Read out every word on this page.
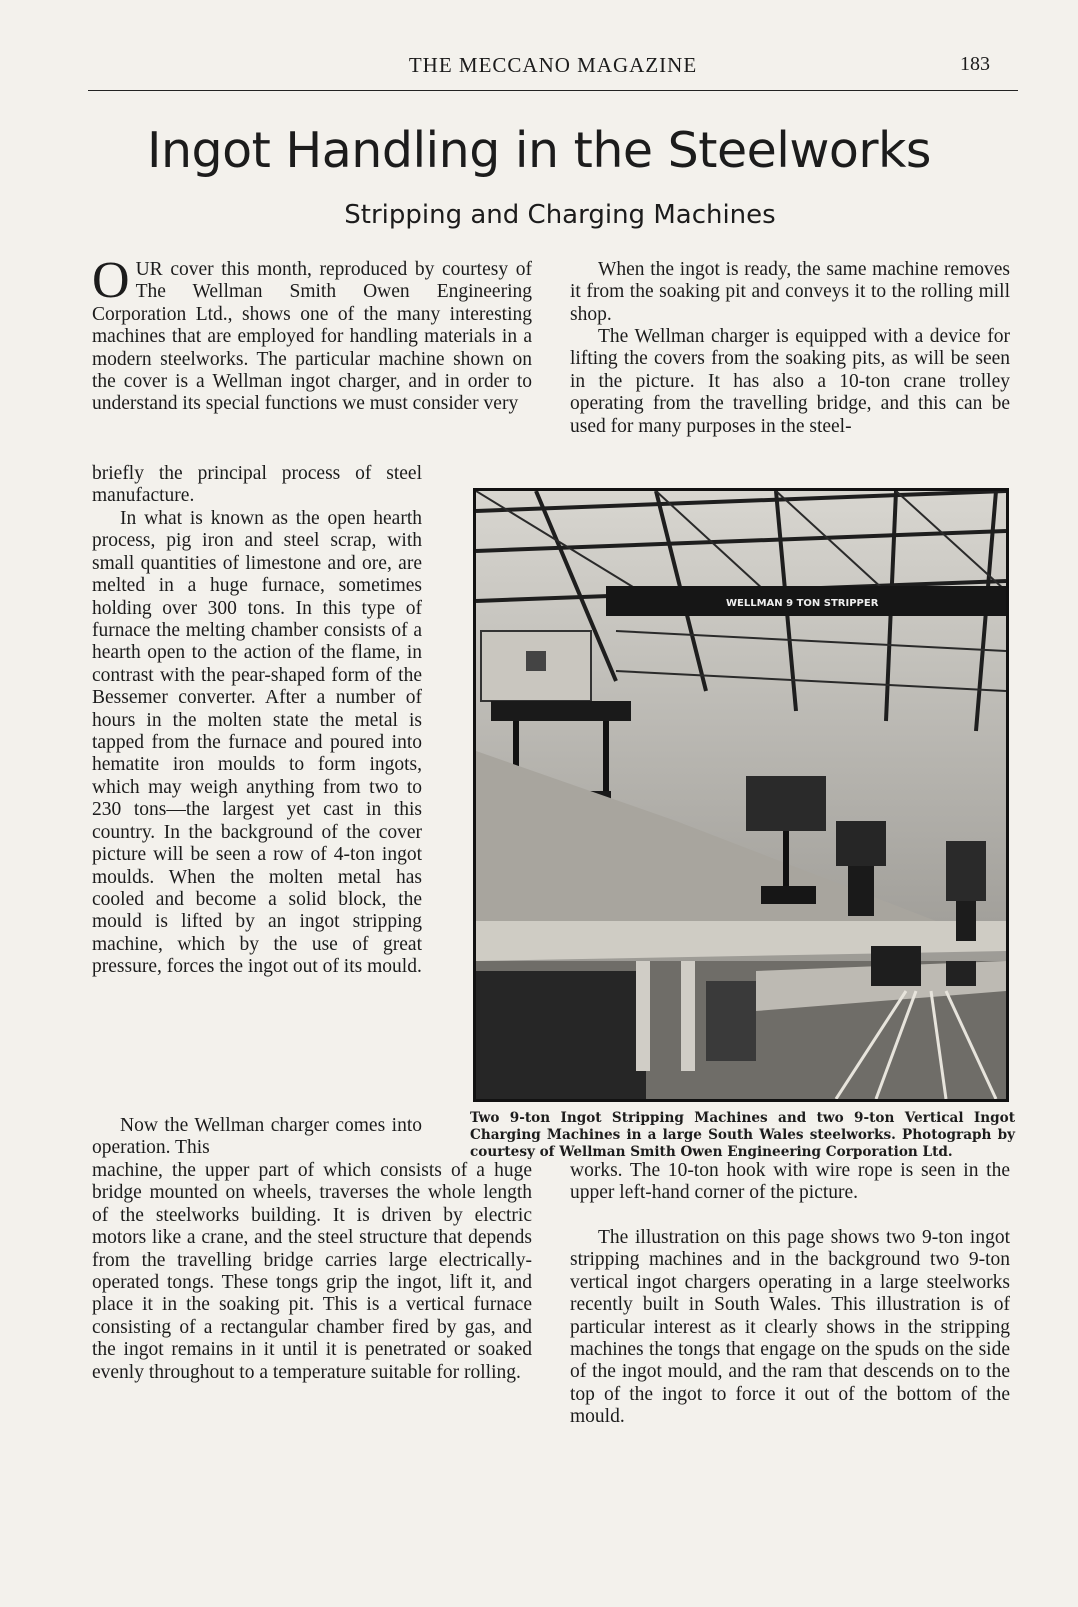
THE MECCANO MAGAZINE	183
Ingot Handling in the Steelworks
Stripping and Charging Machines

OUR cover this month, reproduced by courtesy of The Wellman Smith Owen Engineering Corporation Ltd., shows one of the many interesting machines that are employed for handling materials in a modern steelworks. The particular machine shown on the cover is a Wellman ingot charger, and in order to understand its special functions we must consider very

briefly the principal process of steel manufacture.

In what is known as the open hearth process, pig iron and steel scrap, with small quantities of limestone and ore, are melted in a huge furnace, sometimes holding over 300 tons. In this type of furnace the melting chamber consists of a hearth open to the action of the flame, in contrast with the pear-shaped form of the Bessemer converter. After a number of hours in the molten state the metal is tapped from the furnace and poured into hematite iron moulds to form ingots, which may weigh anything from two to 230 tons—the largest yet cast in this country. In the background of the cover picture will be seen a row of 4-ton ingot moulds. When the molten metal has cooled and become a solid block, the mould is lifted by an ingot stripping machine, which by the use of great pressure, forces the ingot out of its mould.

Now the Wellman charger comes into operation. This

machine, the upper part of which consists of a huge bridge mounted on wheels, traverses the whole length of the steelworks building. It is driven by electric motors like a crane, and the steel structure that depends from the travelling bridge carries large electrically-operated tongs. These tongs grip the ingot, lift it, and place it in the soaking pit. This is a vertical furnace consisting of a rectangular chamber fired by gas, and the ingot remains in it until it is penetrated or soaked evenly throughout to a temperature suitable for rolling.

When the ingot is ready, the same machine removes it from the soaking pit and conveys it to the rolling mill shop.

The Wellman charger is equipped with a device for lifting the covers from the soaking pits, as will be seen in the picture. It has also a 10-ton crane trolley operating from the travelling bridge, and this can be used for many purposes in the steel-

WELLMAN 9 TON STRIPPER

Two 9-ton Ingot Stripping Machines and two 9-ton Vertical Ingot Charging Machines in a large South Wales steelworks. Photograph by courtesy of Wellman Smith Owen Engineering Corporation Ltd.

works. The 10-ton hook with wire rope is seen in the upper left-hand corner of the picture.

The illustration on this page shows two 9-ton ingot stripping machines and in the background two 9-ton vertical ingot chargers operating in a large steelworks recently built in South Wales. This illustration is of particular interest as it clearly shows in the stripping machines the tongs that engage on the spuds on the side of the ingot mould, and the ram that descends on to the top of the ingot to force it out of the bottom of the mould.
